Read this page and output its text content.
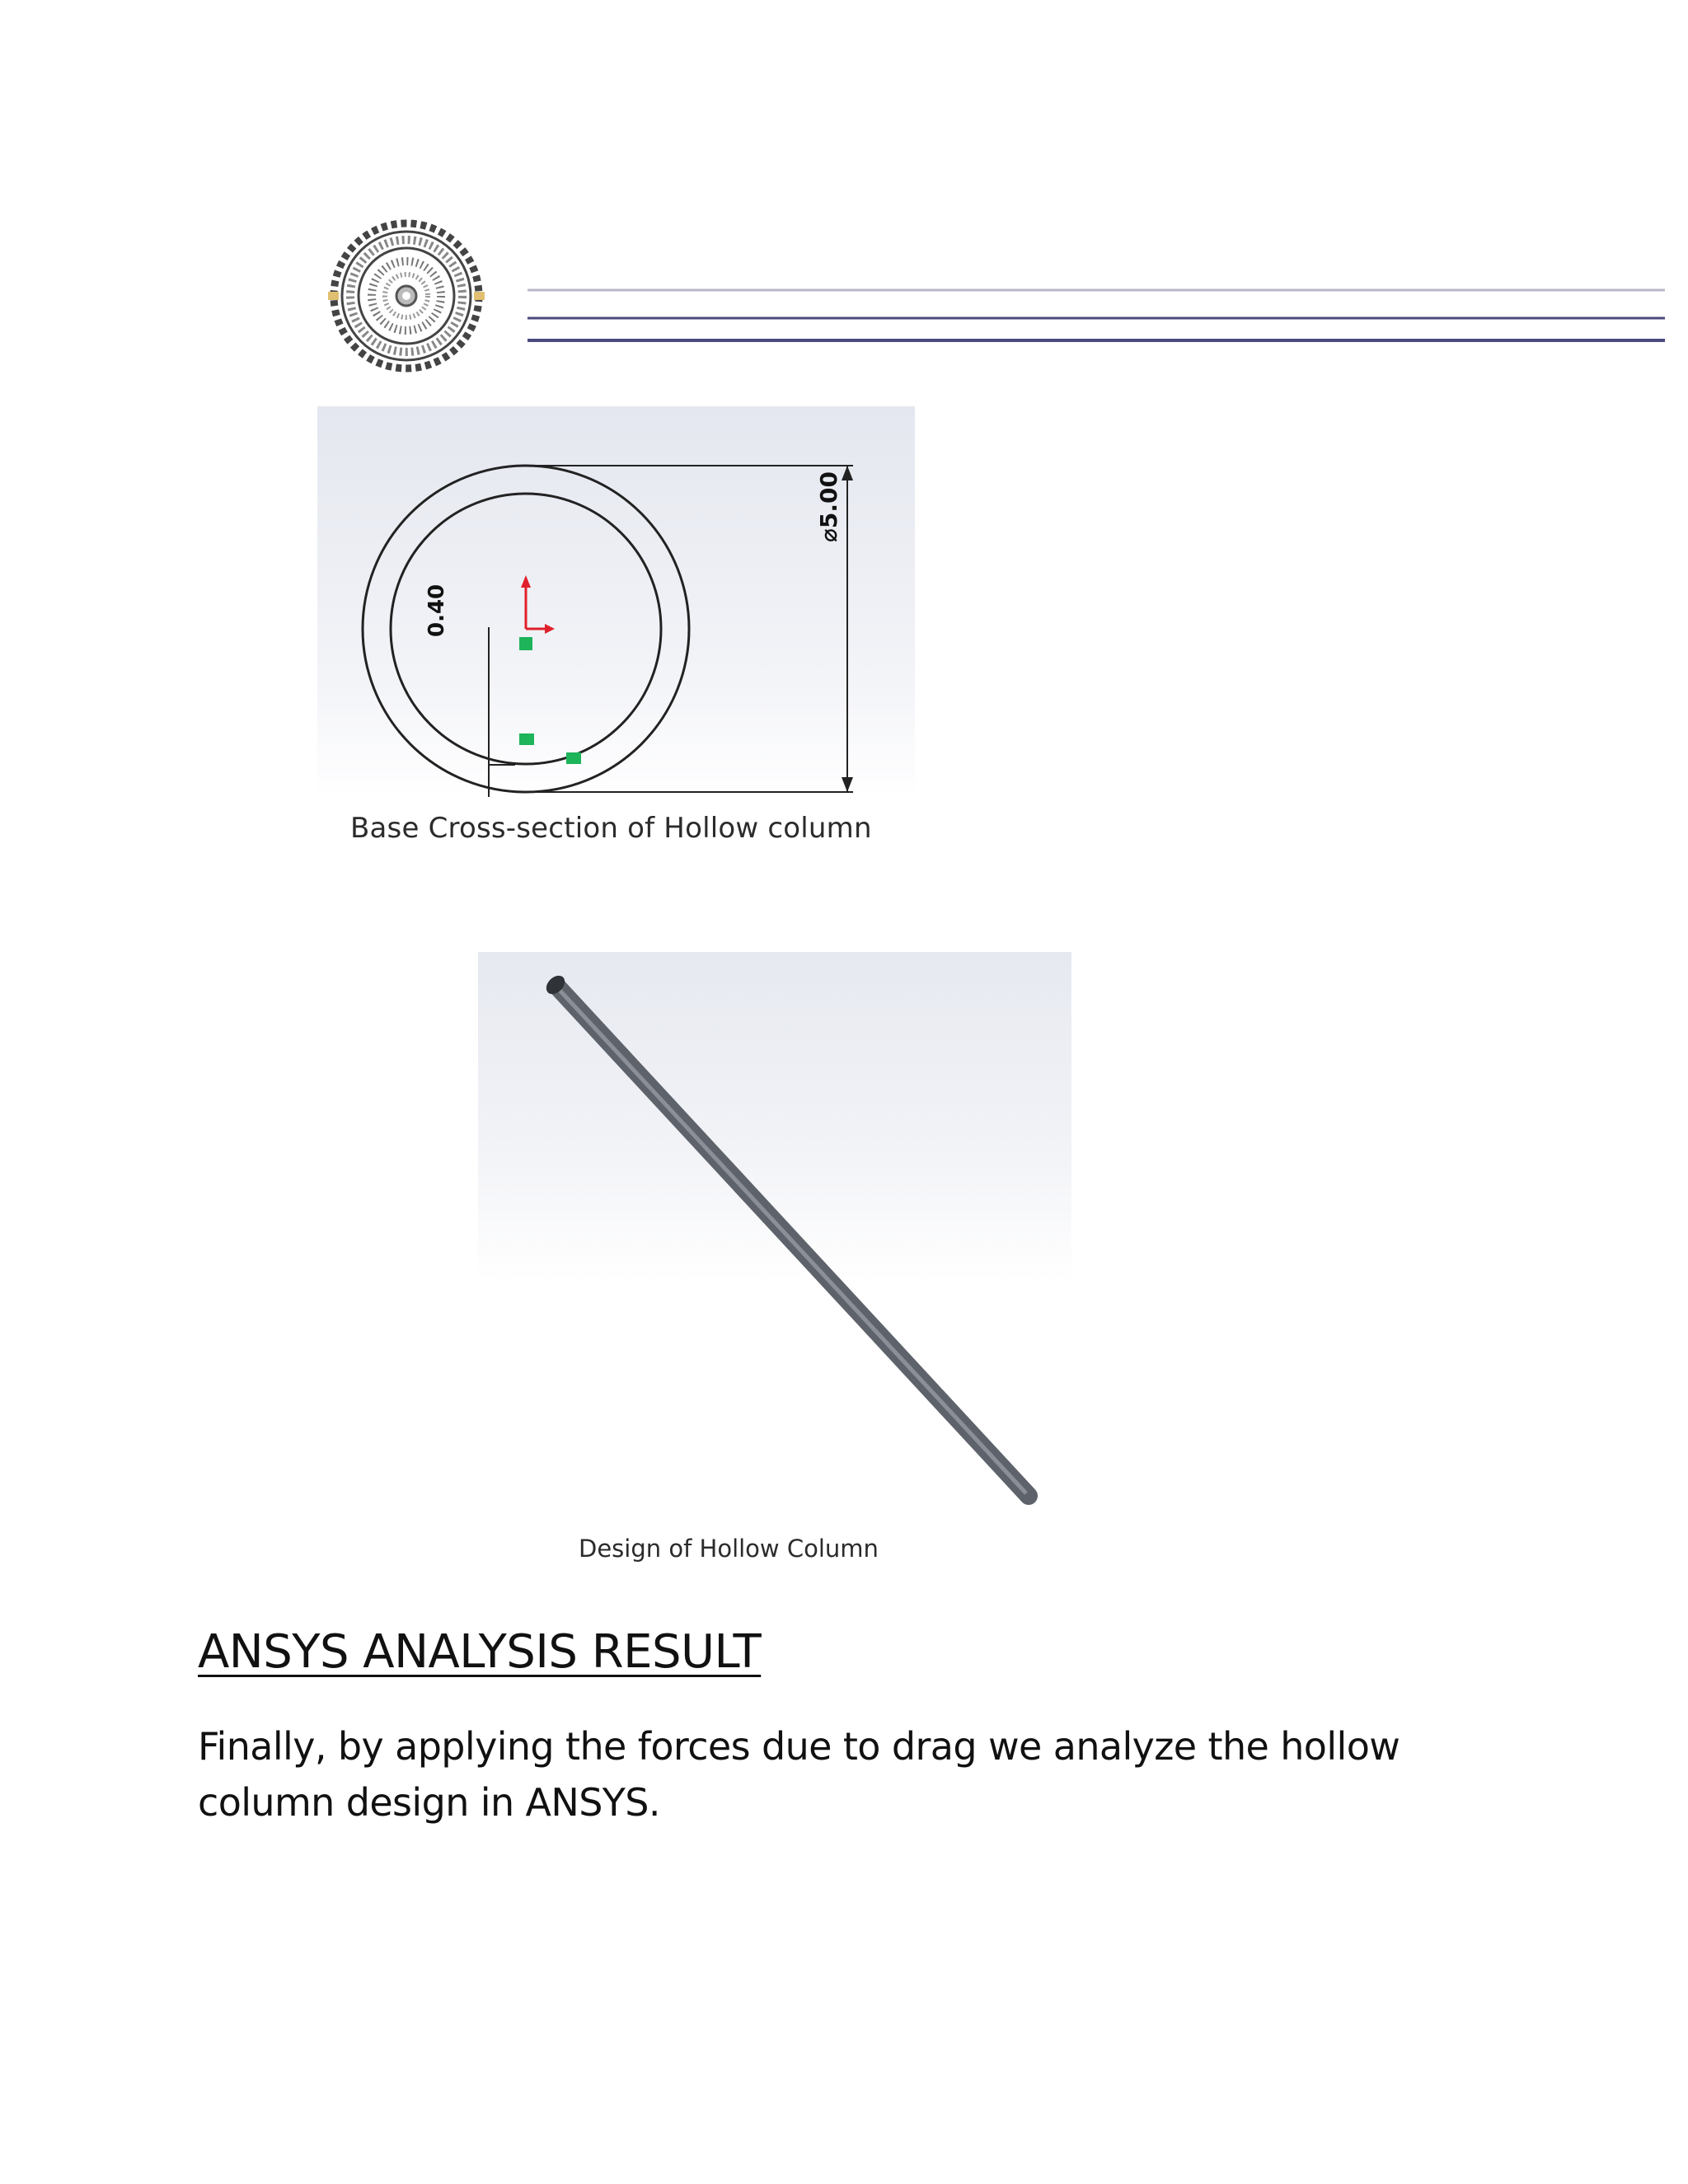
0.40
⌀5.00
Base Cross-section of Hollow column
Design of Hollow Column
ANSYS ANALYSIS RESULT

Finally, by applying the forces due to drag we analyze the hollow column design in ANSYS.
